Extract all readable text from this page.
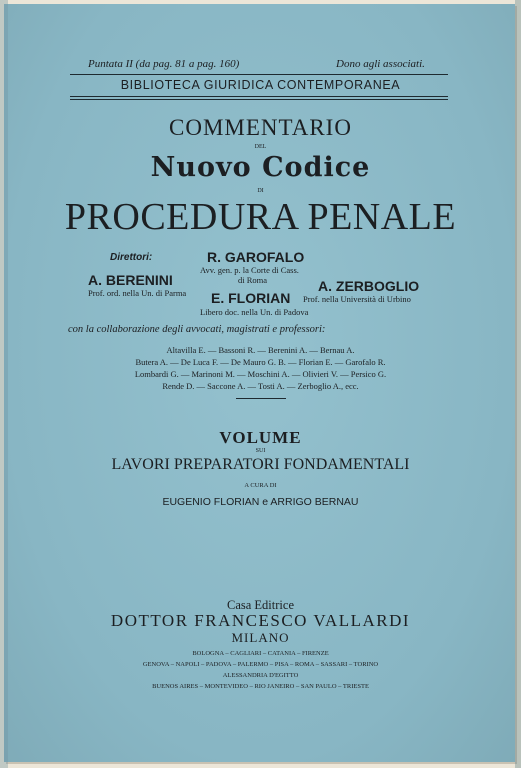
Puntata II (da pag. 81 a pag. 160)	Dono agli associati.
BIBLIOTECA GIURIDICA CONTEMPORANEA
COMMENTARIO
DEL
Nuovo Codice
DI
PROCEDURA PENALE
Direttori:	R. GAROFALO
Avv. gen. p. la Corte di Cass.
di Roma
A. BERENINI
Prof. ord. nella Un. di Parma	A. ZERBOGLIO
Prof. nella Università di Urbino
E. FLORIAN
Libero doc. nella Un. di Padova
con la collaborazione degli avvocati, magistrati e professori:
Altavilla E. — Bassoni R. — Berenini A. — Bernau A.
Butera A. — De Luca F. — De Mauro G. B. — Florian E. — Garofalo R.
Lombardi G. — Marinoni M. — Moschini A. — Olivieri V. — Persico G.
Rende D. — Saccone A. — Tosti A. — Zerboglio A., ecc.
VOLUME
SUI
LAVORI PREPARATORI FONDAMENTALI
A CURA DI
EUGENIO FLORIAN e ARRIGO BERNAU
Casa Editrice
DOTTOR FRANCESCO VALLARDI
MILANO
BOLOGNA – CAGLIARI – CATANIA – FIRENZE
GENOVA – NAPOLI – PADOVA – PALERMO – PISA – ROMA – SASSARI – TORINO
ALESSANDRIA D'EGITTO
BUENOS AIRES – MONTEVIDEO – RIO JANEIRO – SAN PAULO – TRIESTE
